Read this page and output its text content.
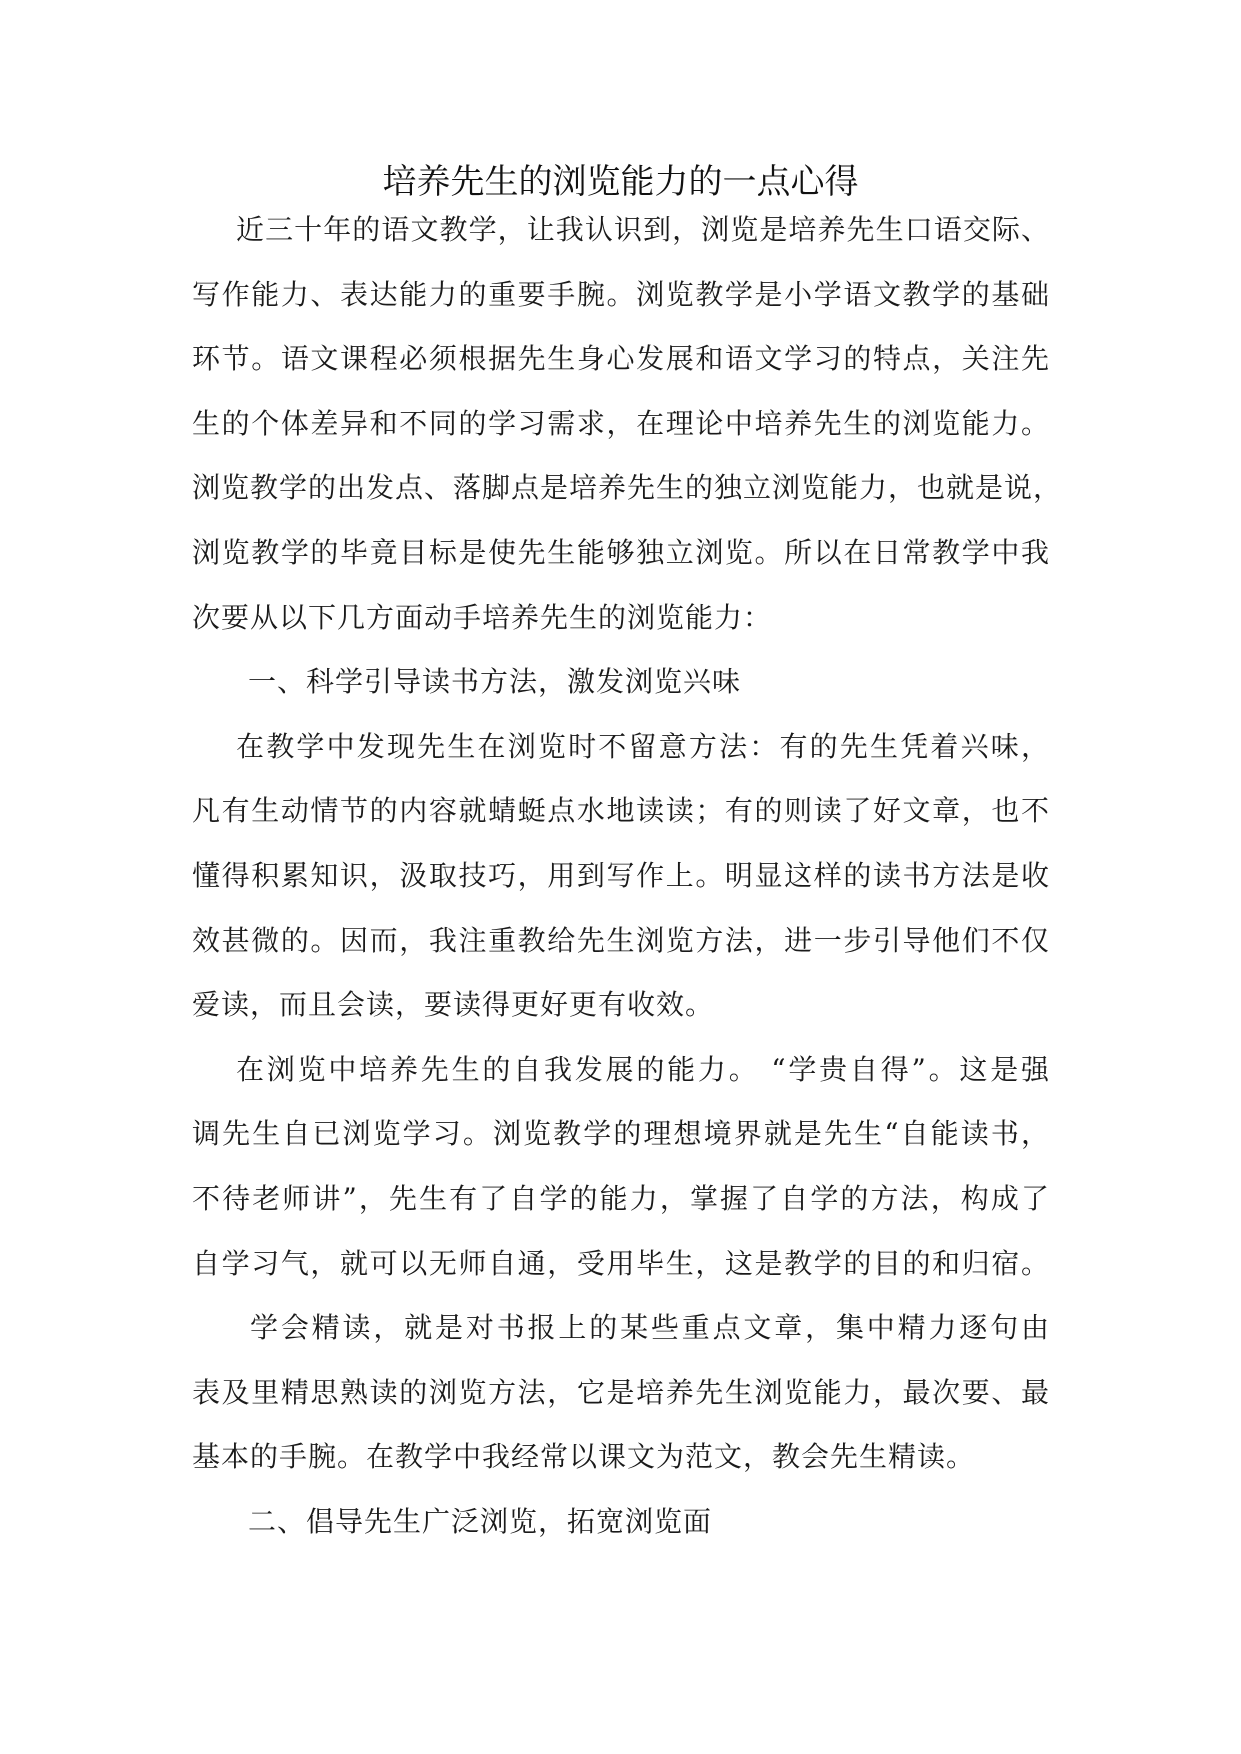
培养先生的浏览能力的一点心得
近三十年的语文教学，让我认识到，浏览是培养先生口语交际、
写作能力、表达能力的重要手腕。浏览教学是小学语文教学的基础
环节。语文课程必须根据先生身心发展和语文学习的特点，关注先
生的个体差异和不同的学习需求，在理论中培养先生的浏览能力。
浏览教学的出发点、落脚点是培养先生的独立浏览能力，也就是说，
浏览教学的毕竟目标是使先生能够独立浏览。所以在日常教学中我
次要从以下几方面动手培养先生的浏览能力：
一、科学引导读书方法，激发浏览兴味
在教学中发现先生在浏览时不留意方法：有的先生凭着兴味，
凡有生动情节的内容就蜻蜓点水地读读；有的则读了好文章，也不
懂得积累知识，汲取技巧，用到写作上。明显这样的读书方法是收
效甚微的。因而，我注重教给先生浏览方法，进一步引导他们不仅
爱读，而且会读，要读得更好更有收效。
在浏览中培养先生的自我发展的能力。 “学贵自得”。这是强
调先生自已浏览学习。浏览教学的理想境界就是先生“自能读书，
不待老师讲”，先生有了自学的能力，掌握了自学的方法，构成了
自学习气，就可以无师自通，受用毕生，这是教学的目的和归宿。
学会精读，就是对书报上的某些重点文章，集中精力逐句由
表及里精思熟读的浏览方法，它是培养先生浏览能力，最次要、最
基本的手腕。在教学中我经常以课文为范文，教会先生精读。
二、倡导先生广泛浏览，拓宽浏览面
